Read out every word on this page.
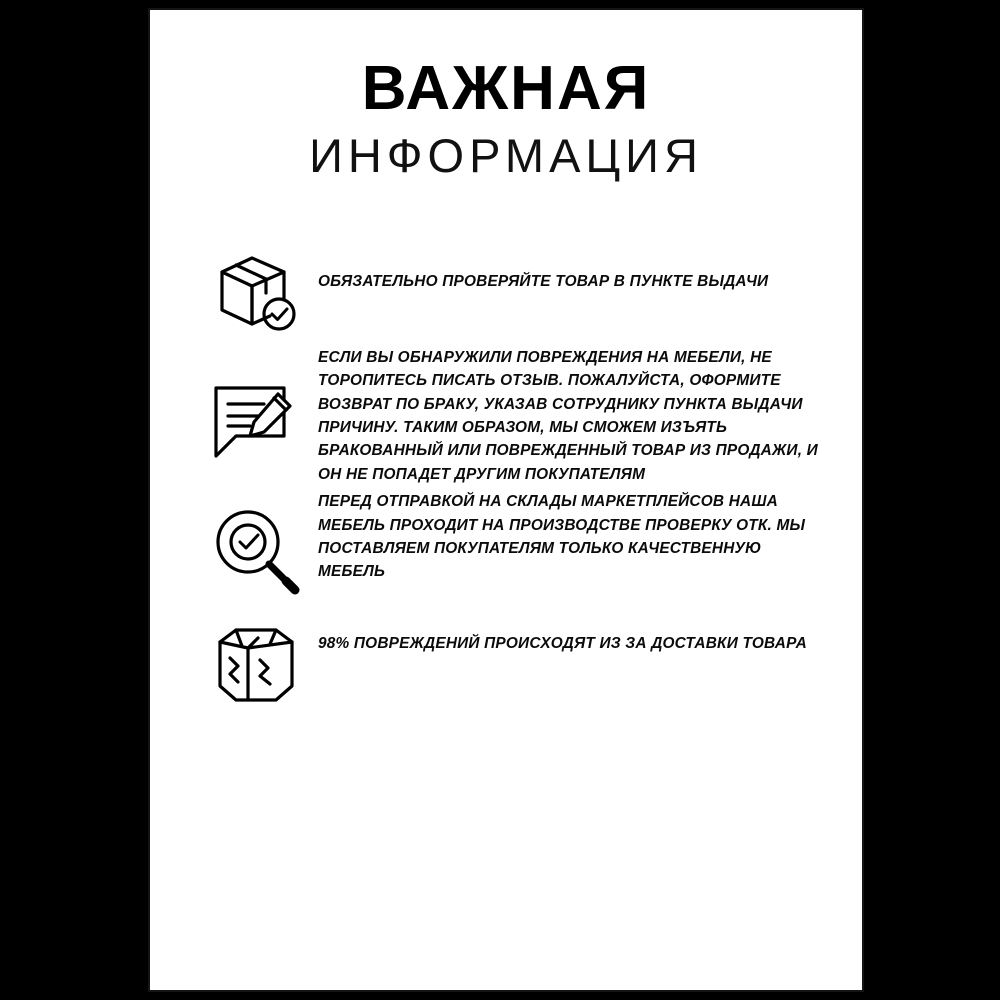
ВАЖНАЯ
ИНФОРМАЦИЯ
ОБЯЗАТЕЛЬНО ПРОВЕРЯЙТЕ ТОВАР В ПУНКТЕ ВЫДАЧИ
ЕСЛИ ВЫ ОБНАРУЖИЛИ ПОВРЕЖДЕНИЯ НА МЕБЕЛИ, НЕ ТОРОПИТЕСЬ ПИСАТЬ ОТЗЫВ. ПОЖАЛУЙСТА, ОФОРМИТЕ ВОЗВРАТ ПО БРАКУ, УКАЗАВ СОТРУДНИКУ ПУНКТА ВЫДАЧИ ПРИЧИНУ. ТАКИМ ОБРАЗОМ, МЫ СМОЖЕМ ИЗЪЯТЬ БРАКОВАННЫЙ ИЛИ ПОВРЕЖДЕННЫЙ ТОВАР ИЗ ПРОДАЖИ, И ОН НЕ ПОПАДЕТ ДРУГИМ ПОКУПАТЕЛЯМ
ПЕРЕД ОТПРАВКОЙ НА СКЛАДЫ МАРКЕТПЛЕЙСОВ НАША МЕБЕЛЬ ПРОХОДИТ НА ПРОИЗВОДСТВЕ ПРОВЕРКУ ОТК. МЫ ПОСТАВЛЯЕМ ПОКУПАТЕЛЯМ ТОЛЬКО КАЧЕСТВЕННУЮ МЕБЕЛЬ
98% ПОВРЕЖДЕНИЙ ПРОИСХОДЯТ ИЗ ЗА ДОСТАВКИ ТОВАРА
